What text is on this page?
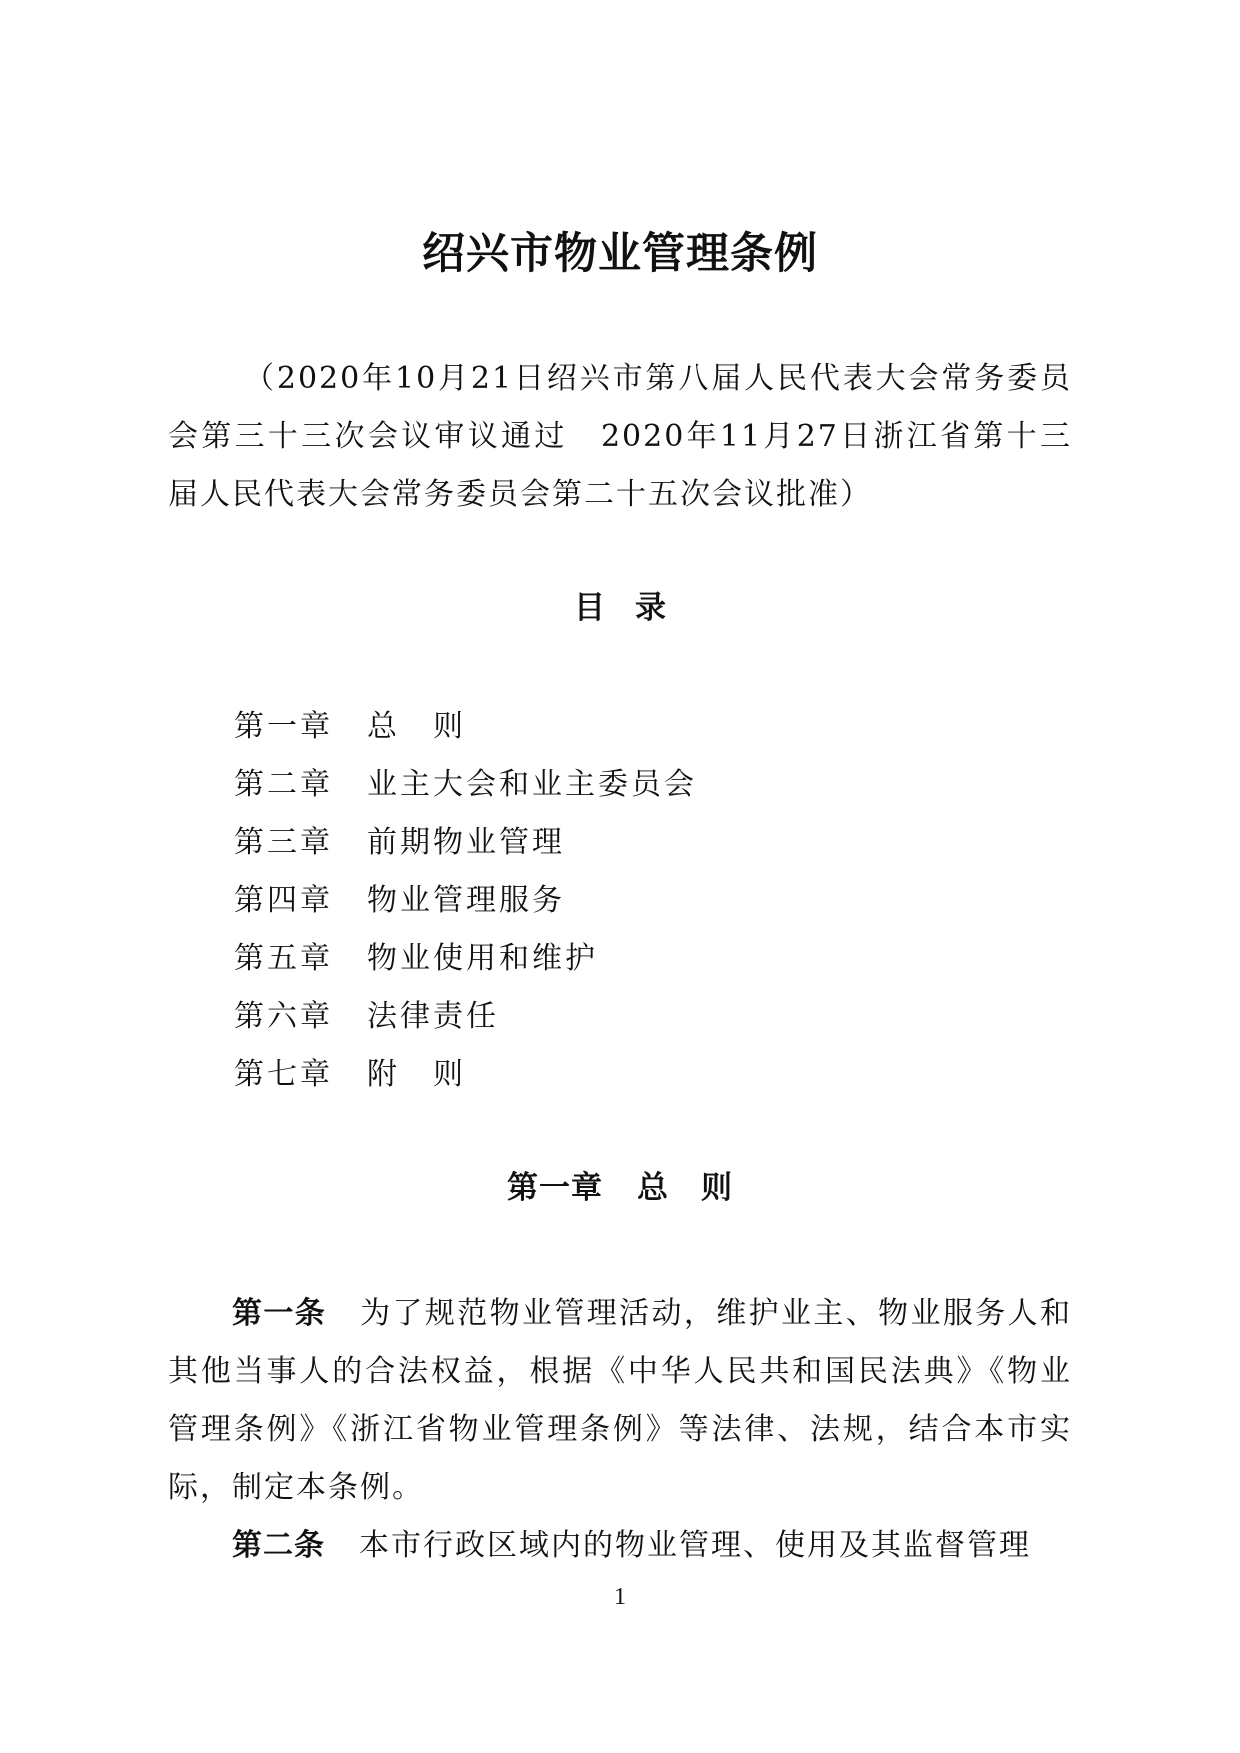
绍兴市物业管理条例

（2020年10月21日绍兴市第八届人民代表大会常务委员会第三十三次会议审议通过　2020年11月27日浙江省第十三届人民代表大会常务委员会第二十五次会议批准）

目 录
第一章 总　则
第二章 业主大会和业主委员会
第三章 前期物业管理
第四章 物业管理服务
第五章 物业使用和维护
第六章 法律责任
第七章 附　则
第一章 总　则

第一条 为了规范物业管理活动，维护业主、物业服务人和其他当事人的合法权益，根据《中华人民共和国民法典》《物业管理条例》《浙江省物业管理条例》等法律、法规，结合本市实际，制定本条例。

第二条 本市行政区域内的物业管理、使用及其监督管理

1
